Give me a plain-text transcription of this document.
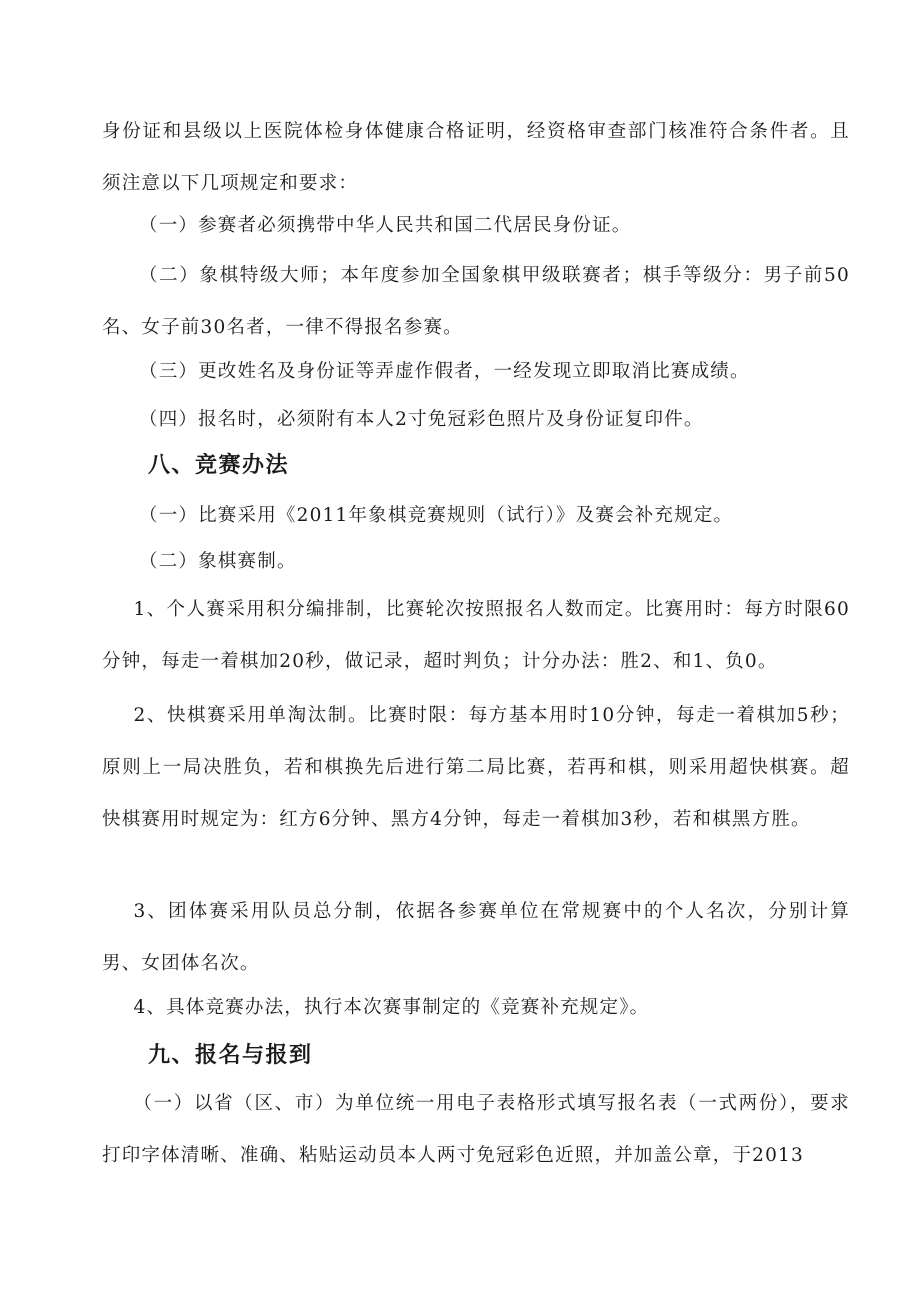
身份证和县级以上医院体检身体健康合格证明，经资格审查部门核准符合条件者。且须注意以下几项规定和要求：

（一）参赛者必须携带中华人民共和国二代居民身份证。

（二）象棋特级大师；本年度参加全国象棋甲级联赛者；棋手等级分：男子前50名、女子前30名者，一律不得报名参赛。

（三）更改姓名及身份证等弄虚作假者，一经发现立即取消比赛成绩。

（四）报名时，必须附有本人2寸免冠彩色照片及身份证复印件。

八、竞赛办法

（一）比赛采用《2011年象棋竞赛规则（试行）》及赛会补充规定。

（二）象棋赛制。

1、个人赛采用积分编排制，比赛轮次按照报名人数而定。比赛用时：每方时限60分钟，每走一着棋加20秒，做记录，超时判负；计分办法：胜2、和1、负0。

2、快棋赛采用单淘汰制。比赛时限：每方基本用时10分钟，每走一着棋加5秒；原则上一局决胜负，若和棋换先后进行第二局比赛，若再和棋，则采用超快棋赛。超快棋赛用时规定为：红方6分钟、黑方4分钟，每走一着棋加3秒，若和棋黑方胜。

3、团体赛采用队员总分制，依据各参赛单位在常规赛中的个人名次，分别计算男、女团体名次。

4、具体竞赛办法，执行本次赛事制定的《竞赛补充规定》。

九、报名与报到

（一）以省（区、市）为单位统一用电子表格形式填写报名表（一式两份），要求打印字体清晰、准确、粘贴运动员本人两寸免冠彩色近照，并加盖公章，于2013
